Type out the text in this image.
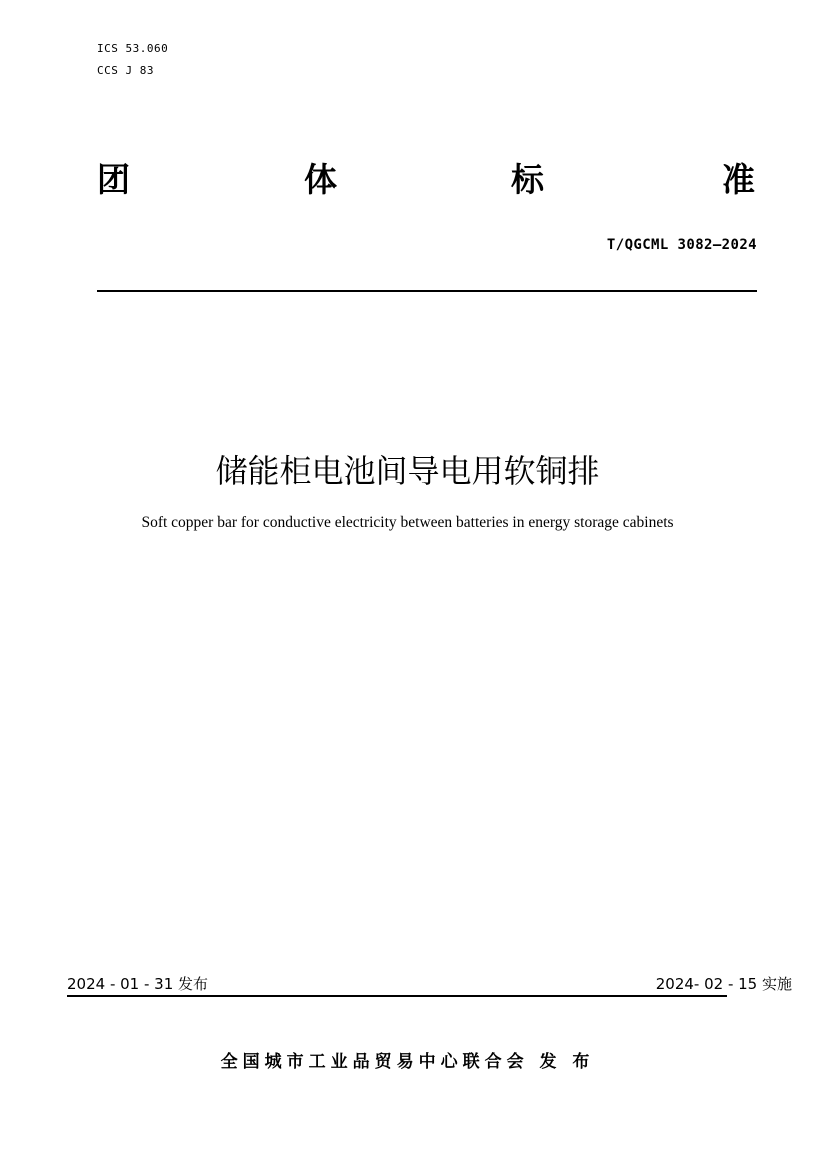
ICS 53.060
CCS J 83
团	体	标	准
T/QGCML 3082—2024
储能柜电池间导电用软铜排
Soft copper bar for conductive electricity between batteries in energy storage cabinets
2024 - 01 - 31 发布	2024- 02 - 15 实施
全国城市工业品贸易中心联合会 发 布
